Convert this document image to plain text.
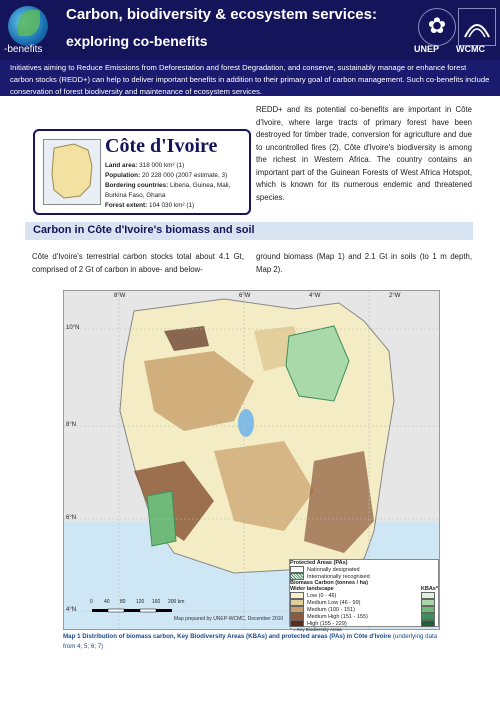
-benefits
Carbon, biodiversity & ecosystem services:
exploring co-benefits
✿
UNEP WCMC

Initiatives aiming to Reduce Emissions from Deforestation and forest Degradation, and conserve, sustainably manage or enhance forest carbon stocks (REDD+) can help to deliver important benefits in addition to their primary goal of carbon management. Such co-benefits include conservation of forest biodiversity and maintenance of ecosystem services.

Côte d'Ivoire
Land area: 318 000 km² (1)
Population: 20 228 000 (2007 estimate, 3)
Bordering countries: Liberia, Guinea, Mali, Burkina Faso, Ghana
Forest extent: 104 030 km² (1)
REDD+ and its potential co-benefits are important in Côte d'Ivoire, where large tracts of primary forest have been destroyed for timber trade, conversion for agriculture and due to uncontrolled fires (2). Côte d'Ivoire's biodiversity is among the richest in Western Africa. The country contains an important part of the Guinean Forests of West Africa Hotspot, which is known for its numerous endemic and threatened species.
Carbon in Côte d'Ivoire's biomass and soil
Côte d'Ivoire's terrestrial carbon stocks total about 4.1 Gt, comprised of 2 Gt of carbon in above- and below-
ground biomass (Map 1) and 2.1 Gt in soils (to 1 m depth, Map 2).
8°W	6°W	4°W	2°W
10°N
8°N
6°N
4°N
0 40 80 120 160 200 km
Map prepared by UNEP-WCMC, December 2010
Protected Areas (PAs)
Nationally designated
Internationally recognised
Biomass Carbon (tonnes / ha)
Wider landscape	KBAs*
Low (0 - 46)
Medium Low (46 - 99)
Medium (100 - 151)
Medium High (151 - 155)
High (155 - 229)
* = Key Biodiversity Areas
Map 1 Distribution of biomass carbon, Key Biodiversity Areas (KBAs) and protected areas (PAs) in Côte d'Ivoire (underlying data from 4; 5; 6; 7)
